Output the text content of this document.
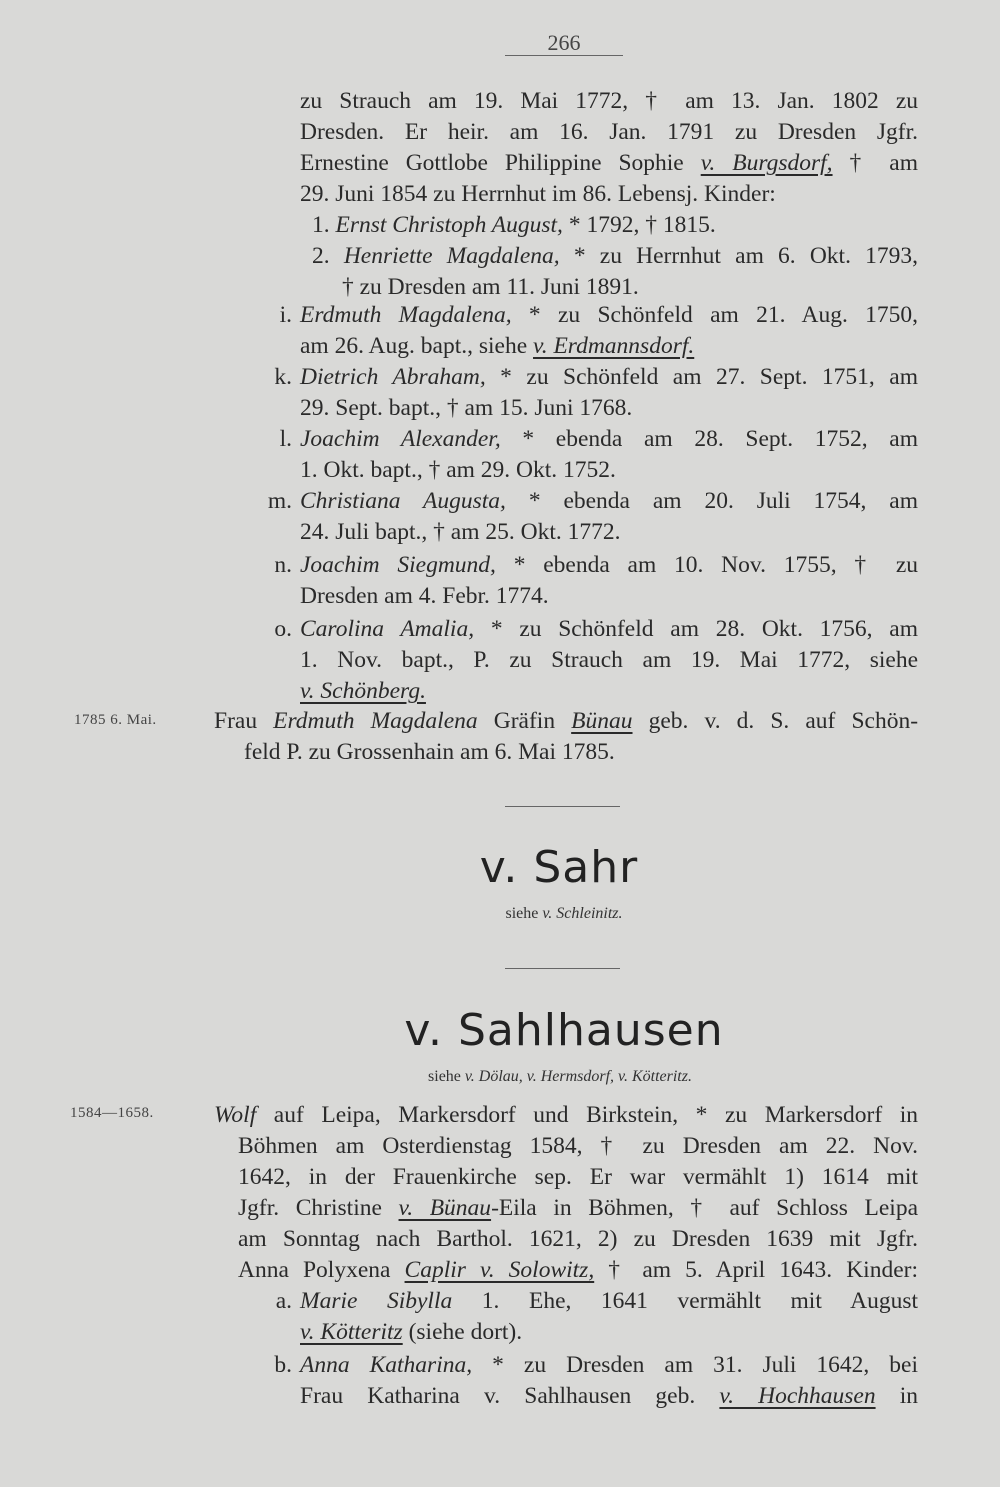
266
zu Strauch am 19. Mai 1772, † am 13. Jan. 1802 zu
Dresden. Er heir. am 16. Jan. 1791 zu Dresden Jgfr.
Ernestine Gottlobe Philippine Sophie v. Burgsdorf, † am
29. Juni 1854 zu Herrnhut im 86. Lebensj. Kinder:
1. Ernst Christoph August, * 1792, † 1815.
2. Henriette Magdalena, * zu Herrnhut am 6. Okt. 1793,
† zu Dresden am 11. Juni 1891.
i. Erdmuth Magdalena, * zu Schönfeld am 21. Aug. 1750,
am 26. Aug. bapt., siehe v. Erdmannsdorf.
k. Dietrich Abraham, * zu Schönfeld am 27. Sept. 1751, am
29. Sept. bapt., † am 15. Juni 1768.
l. Joachim Alexander, * ebenda am 28. Sept. 1752, am
1. Okt. bapt., † am 29. Okt. 1752.
m. Christiana Augusta, * ebenda am 20. Juli 1754, am
24. Juli bapt., † am 25. Okt. 1772.
n. Joachim Siegmund, * ebenda am 10. Nov. 1755, † zu
Dresden am 4. Febr. 1774.
o. Carolina Amalia, * zu Schönfeld am 28. Okt. 1756, am
1. Nov. bapt., P. zu Strauch am 19. Mai 1772, siehe
v. Schönberg.
1785 6. Mai. Frau Erdmuth Magdalena Gräfin Bünau geb. v. d. S. auf Schön-
feld P. zu Grossenhain am 6. Mai 1785.
v. Sahr
siehe v. Schleinitz.
v. Sahlhausen
siehe v. Dölau, v. Hermsdorf, v. Kötteritz.
1584—1658.	Wolf auf Leipa, Markersdorf und Birkstein, * zu Markersdorf in
Böhmen am Osterdienstag 1584, † zu Dresden am 22. Nov.
1642, in der Frauenkirche sep. Er war vermählt 1) 1614 mit
Jgfr. Christine v. Bünau-Eila in Böhmen, † auf Schloss Leipa
am Sonntag nach Barthol. 1621, 2) zu Dresden 1639 mit Jgfr.
Anna Polyxena Caplir v. Solowitz, † am 5. April 1643. Kinder:
a. Marie Sibylla 1. Ehe, 1641 vermählt mit August
v. Kötteritz (siehe dort).
b. Anna Katharina, * zu Dresden am 31. Juli 1642, bei
Frau Katharina v. Sahlhausen geb. v. Hochhausen in
